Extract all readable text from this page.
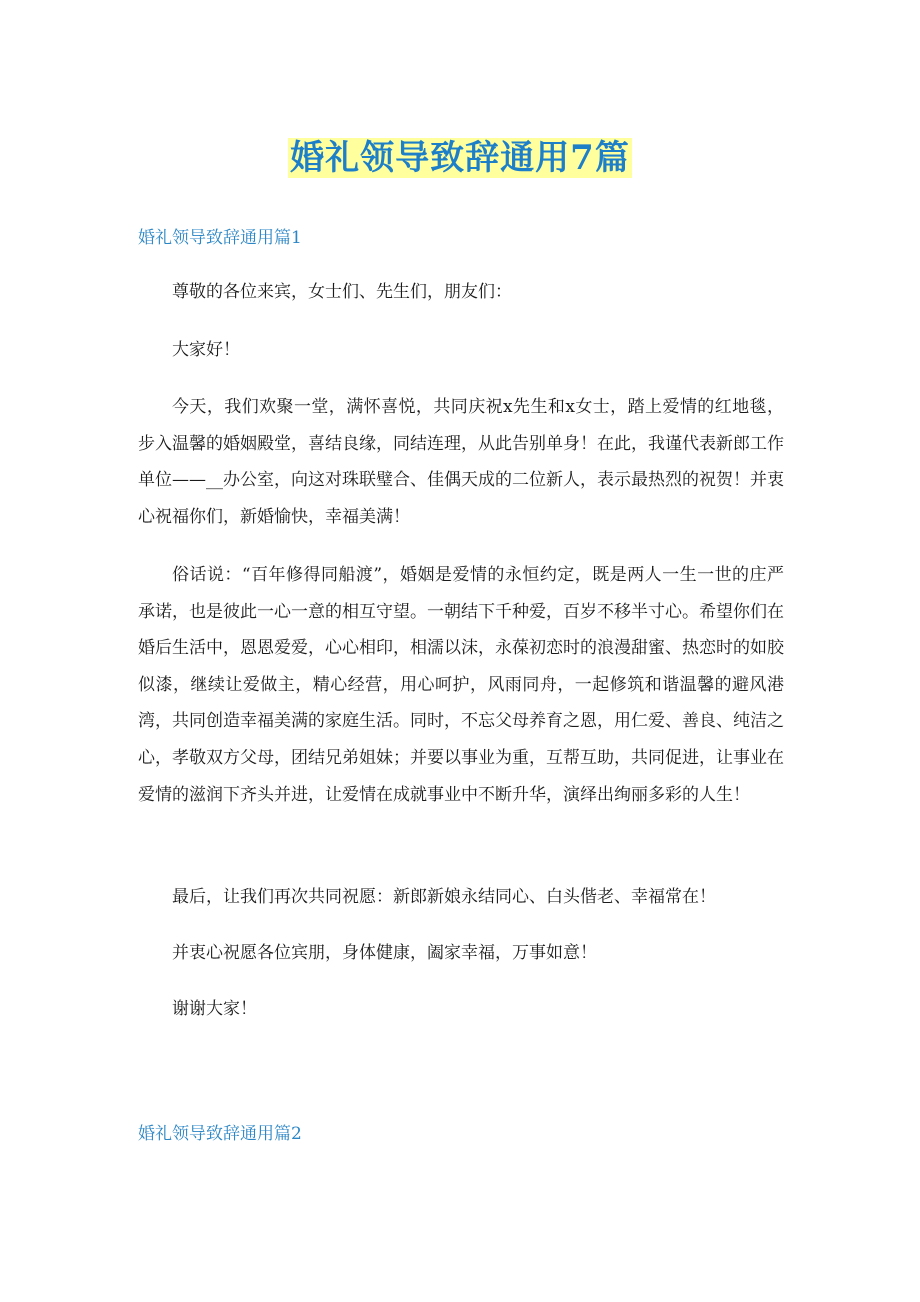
婚礼领导致辞通用7篇
婚礼领导致辞通用篇1

尊敬的各位来宾，女士们、先生们，朋友们：

大家好！

今天，我们欢聚一堂，满怀喜悦，共同庆祝x先生和x女士，踏上爱情的红地毯，步入温馨的婚姻殿堂，喜结良缘，同结连理，从此告别单身！在此，我谨代表新郎工作单位——__办公室，向这对珠联璧合、佳偶天成的二位新人，表示最热烈的祝贺！并衷心祝福你们，新婚愉快，幸福美满！

俗话说：“百年修得同船渡”，婚姻是爱情的永恒约定，既是两人一生一世的庄严承诺，也是彼此一心一意的相互守望。一朝结下千种爱，百岁不移半寸心。希望你们在婚后生活中，恩恩爱爱，心心相印，相濡以沫，永葆初恋时的浪漫甜蜜、热恋时的如胶似漆，继续让爱做主，精心经营，用心呵护，风雨同舟，一起修筑和谐温馨的避风港湾，共同创造幸福美满的家庭生活。同时，不忘父母养育之恩，用仁爱、善良、纯洁之心，孝敬双方父母，团结兄弟姐妹；并要以事业为重，互帮互助，共同促进，让事业在爱情的滋润下齐头并进，让爱情在成就事业中不断升华，演绎出绚丽多彩的人生！

最后，让我们再次共同祝愿：新郎新娘永结同心、白头偕老、幸福常在！

并衷心祝愿各位宾朋，身体健康，阖家幸福，万事如意！

谢谢大家！

婚礼领导致辞通用篇2
